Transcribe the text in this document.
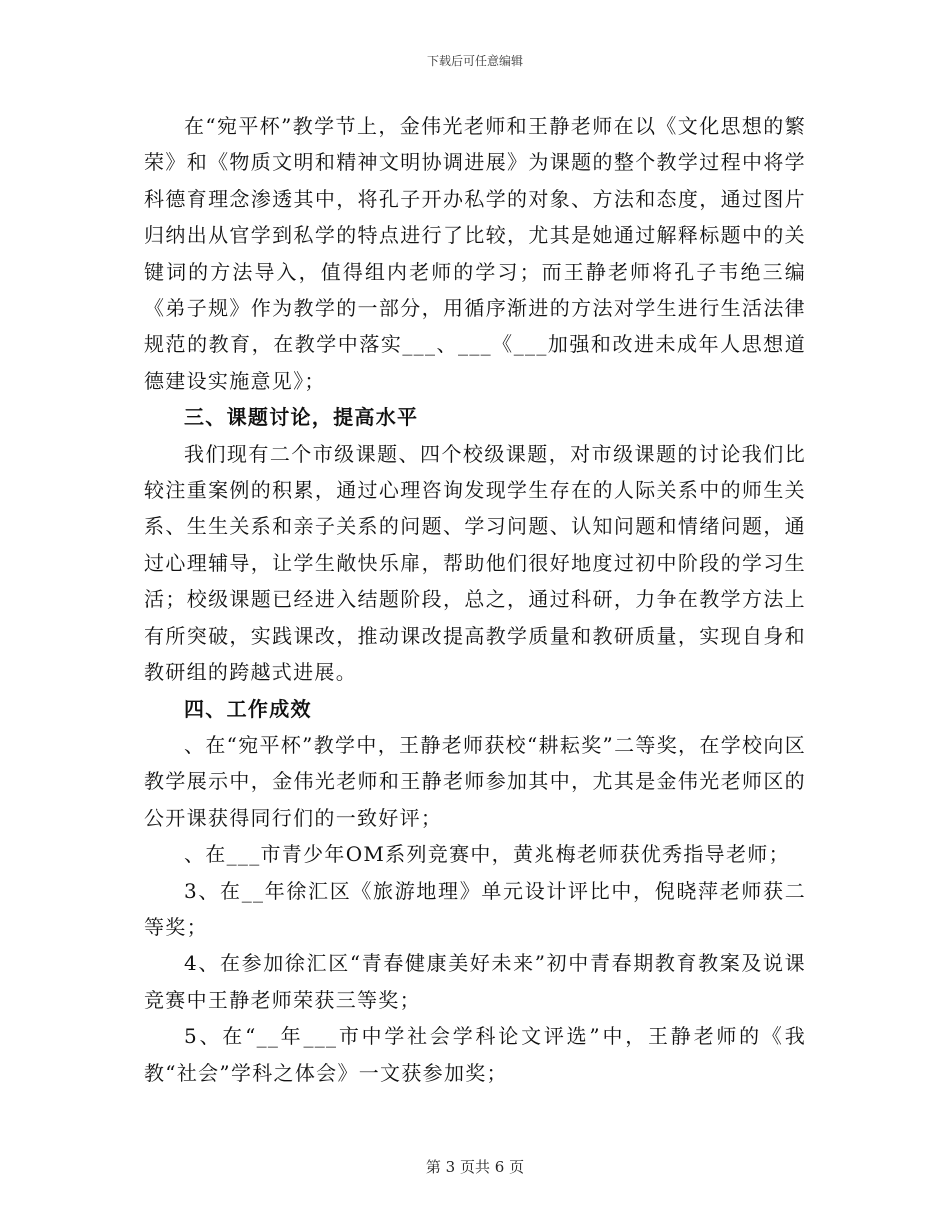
下载后可任意编辑

在“宛平杯”教学节上，金伟光老师和王静老师在以《文化思想的繁荣》和《物质文明和精神文明协调进展》为课题的整个教学过程中将学科德育理念渗透其中，将孔子开办私学的对象、方法和态度，通过图片归纳出从官学到私学的特点进行了比较，尤其是她通过解释标题中的关键词的方法导入，值得组内老师的学习；而王静老师将孔子韦绝三编《弟子规》作为教学的一部分，用循序渐进的方法对学生进行生活法律规范的教育，在教学中落实___、___《___加强和改进未成年人思想道德建设实施意见》；

三、课题讨论，提高水平

我们现有二个市级课题、四个校级课题，对市级课题的讨论我们比较注重案例的积累，通过心理咨询发现学生存在的人际关系中的师生关系、生生关系和亲子关系的问题、学习问题、认知问题和情绪问题，通过心理辅导，让学生敞快乐扉，帮助他们很好地度过初中阶段的学习生活；校级课题已经进入结题阶段，总之，通过科研，力争在教学方法上有所突破，实践课改，推动课改提高教学质量和教研质量，实现自身和教研组的跨越式进展。

四、工作成效

、在“宛平杯”教学中，王静老师获校“耕耘奖”二等奖，在学校向区教学展示中，金伟光老师和王静老师参加其中，尤其是金伟光老师区的公开课获得同行们的一致好评；

、在___市青少年OM系列竞赛中，黄兆梅老师获优秀指导老师；

3、在__年徐汇区《旅游地理》单元设计评比中，倪晓萍老师获二等奖；

4、在参加徐汇区“青春健康美好未来”初中青春期教育教案及说课竞赛中王静老师荣获三等奖；

5、在“__年___市中学社会学科论文评选”中，王静老师的《我教“社会”学科之体会》一文获参加奖；

第 3 页共 6 页
